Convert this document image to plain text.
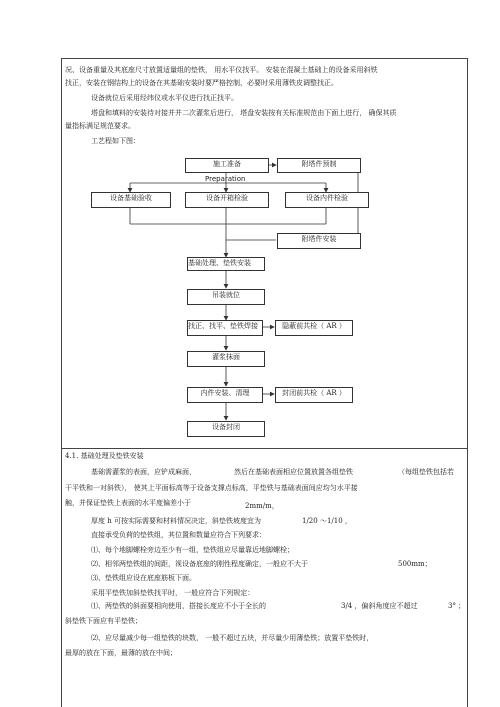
况、设备重量及其底座尺寸放置适量组的垫铁， 用水平仪找平。 安装在混凝土基础上的设备采用斜铁
找正，安装在钢结构上的设备在其基础安装时要严格控制，必要时采用薄铁皮调整找正。
设备就位后采用经纬仪或水平仪进行找正找平。
塔盘和填料的安装待对接并并二次灌浆后进行， 塔盘安装按有关标准规范由下面上进行， 确保其质
量指标满足规范要求。
工艺程如下图：
施工准备
Preparation
附塔件预制
设备基础验收	设备开箱检验	设备内件检验
附塔件安装
基础处理、垫铁安装
吊装就位
找正、找平、垫铁焊接	隐蔽前共检（ AR ）
灌浆抹面
内件安装、清理	封闭前共检（ AR ）
设备封闭
4.1. 基础处理及垫铁安装
基础需灌浆的表面，应铲成麻面，	然后在基础表面相应位置放置各组垫铁	（每组垫铁包括若
干平铁和一对斜铁）， 使其上平面标高等于设备支撑点标高，平垫铁与基础表面间应均匀水平接
触，并保证垫铁上表面的水平度偏差小于	2mm/m，
厚度 h 可按实际需要和材料情况决定，斜垫铁坡度宜为	1/20 ～1/10 ，
直接承受负荷的垫铁组，其位置和数量应符合下列要求：
⑴、每个地脚螺栓旁边至少有一组，垫铁组应尽量靠近地脚螺栓；
⑵、相邻两垫铁组的间距，视设备底座的刚性程度确定，一般应不大于	500mm；
⑶、垫铁组应设在底座筋板下面。
采用平垫铁加斜垫铁找平时， 一般应符合下列规定：
⑴、两垫铁的斜面要相向使用，搭接长度应不小于全长的	3/4 ，偏斜角度应不超过	3° ；
斜垫铁下面应有平垫铁；
⑵、应尽量减少每一组垫铁的块数， 一般不超过五块，并尽量少用薄垫铁；放置平垫铁时，
最厚的放在下面，最薄的放在中间；
